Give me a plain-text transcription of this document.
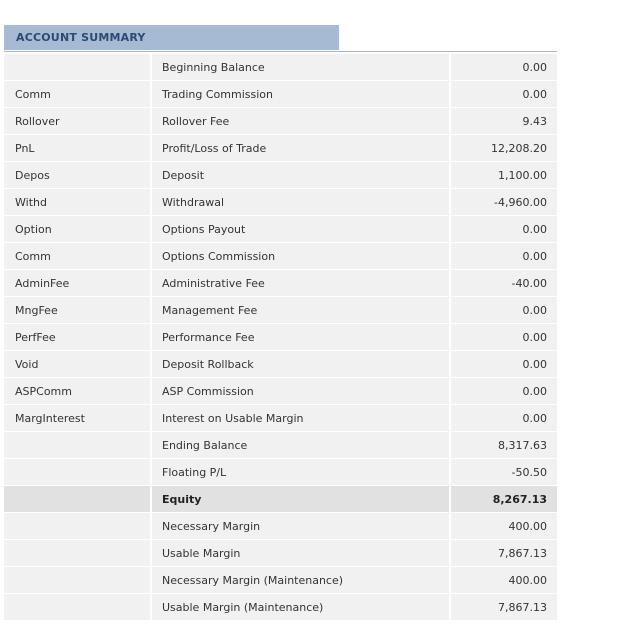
ACCOUNT SUMMARY
	Beginning Balance	0.00
Comm	Trading Commission	0.00
Rollover	Rollover Fee	9.43
PnL	Profit/Loss of Trade	12,208.20
Depos	Deposit	1,100.00
Withd	Withdrawal	-4,960.00
Option	Options Payout	0.00
Comm	Options Commission	0.00
AdminFee	Administrative Fee	-40.00
MngFee	Management Fee	0.00
PerfFee	Performance Fee	0.00
Void	Deposit Rollback	0.00
ASPComm	ASP Commission	0.00
MargInterest	Interest on Usable Margin	0.00
	Ending Balance	8,317.63
	Floating P/L	-50.50
	Equity	8,267.13
	Necessary Margin	400.00
	Usable Margin	7,867.13
	Necessary Margin (Maintenance)	400.00
	Usable Margin (Maintenance)	7,867.13
